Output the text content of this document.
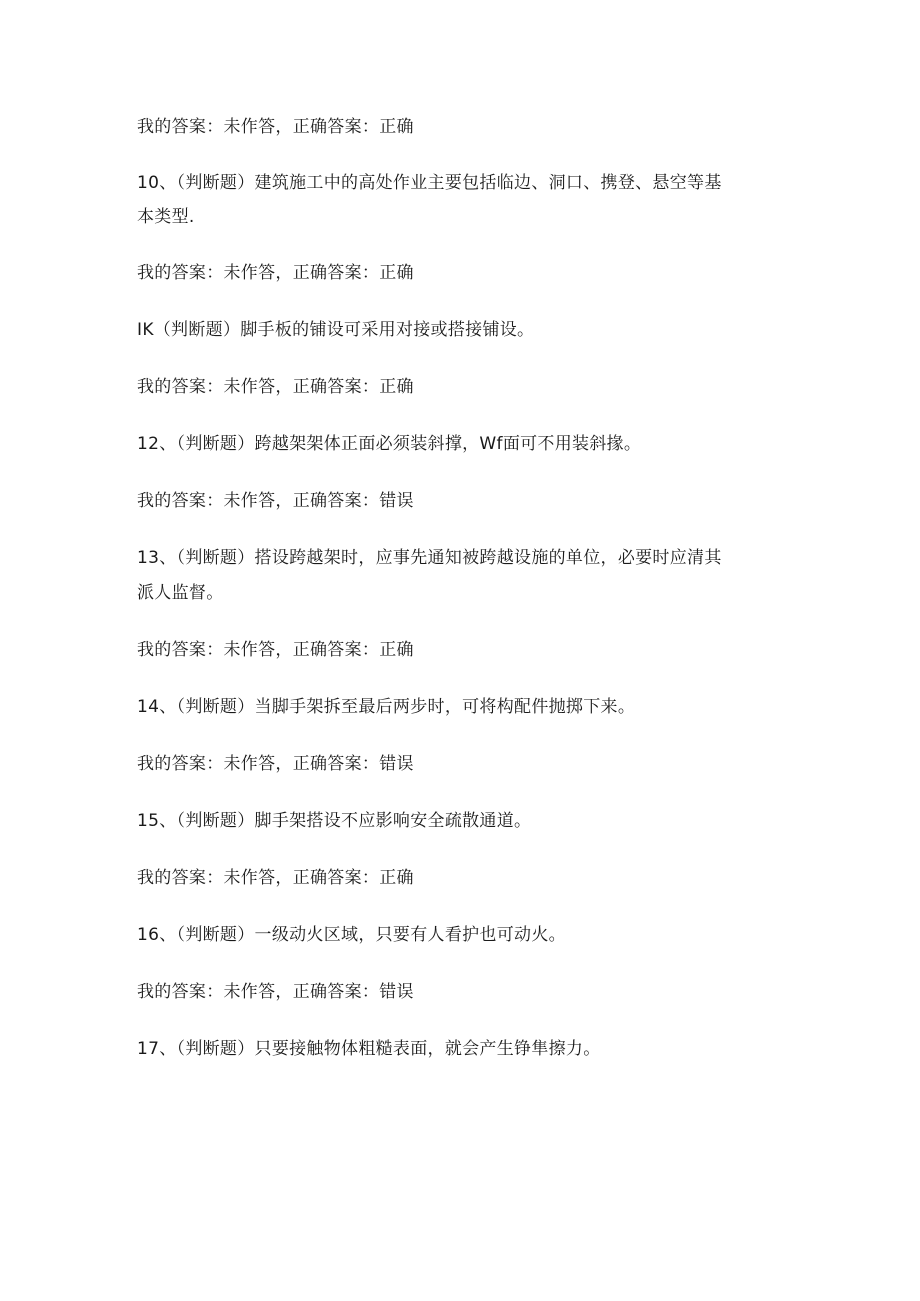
我的答案：未作答，正确答案：正确
10、（判断题）建筑施工中的高处作业主要包括临边、洞口、携登、悬空等基
本类型.
我的答案：未作答，正确答案：正确
IK（判断题）脚手板的铺设可采用对接或搭接铺设。
我的答案：未作答，正确答案：正确
12、（判断题）跨越架架体正面必须装斜撑，Wf面可不用装斜掾。
我的答案：未作答，正确答案：错误
13、（判断题）搭设跨越架时，应事先通知被跨越设施的单位，必要时应清其
派人监督。
我的答案：未作答，正确答案：正确
14、（判断题）当脚手架拆至最后两步时，可将构配件抛掷下来。
我的答案：未作答，正确答案：错误
15、（判断题）脚手架搭设不应影响安全疏散通道。
我的答案：未作答，正确答案：正确
16、（判断题）一级动火区域，只要有人看护也可动火。
我的答案：未作答，正确答案：错误
17、（判断题）只要接触物体粗糙表面，就会产生铮隼擦力。
